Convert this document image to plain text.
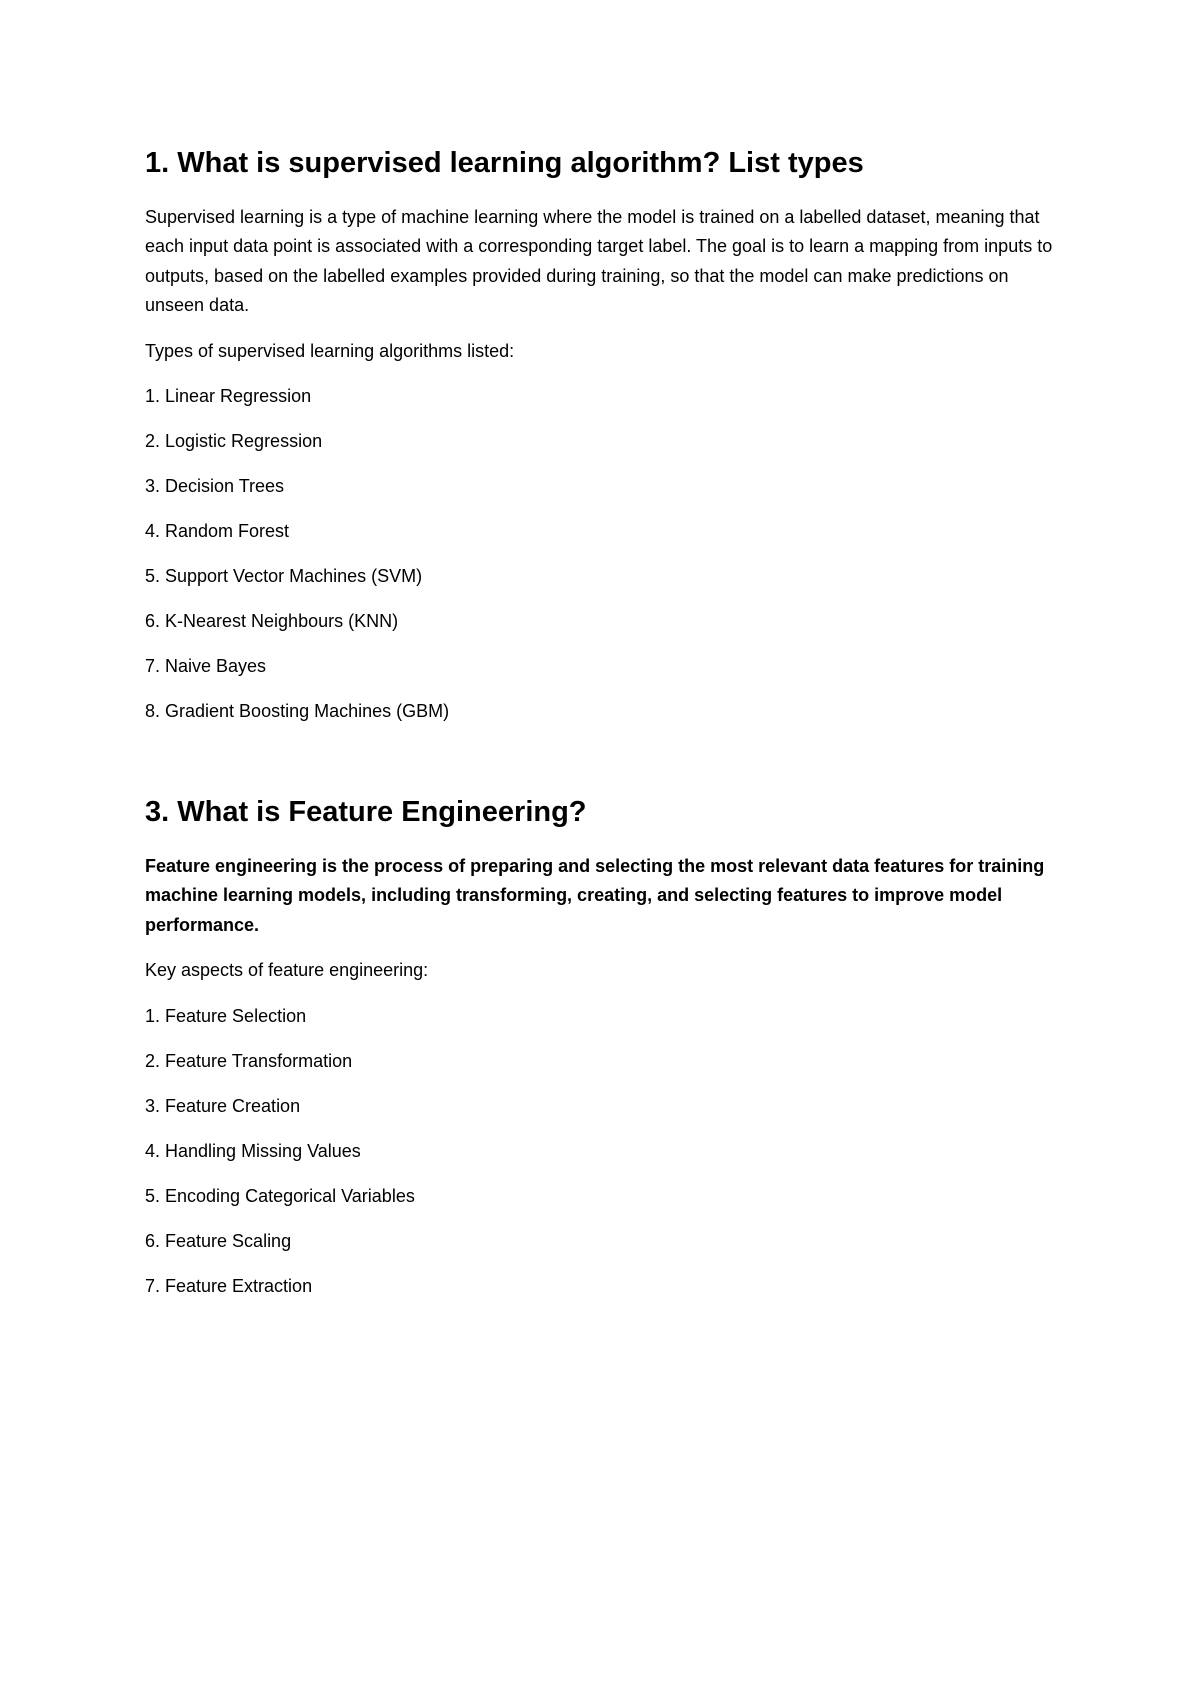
1. What is supervised learning algorithm? List types

Supervised learning is a type of machine learning where the model is trained on a labelled dataset, meaning that each input data point is associated with a corresponding target label. The goal is to learn a mapping from inputs to outputs, based on the labelled examples provided during training, so that the model can make predictions on unseen data.

Types of supervised learning algorithms listed:

1. Linear Regression
2. Logistic Regression
3. Decision Trees
4. Random Forest
5. Support Vector Machines (SVM)
6. K-Nearest Neighbours (KNN)
7. Naive Bayes
8. Gradient Boosting Machines (GBM)
3. What is Feature Engineering?

Feature engineering is the process of preparing and selecting the most relevant data features for training machine learning models, including transforming, creating, and selecting features to improve model performance.

Key aspects of feature engineering:

1. Feature Selection
2. Feature Transformation
3. Feature Creation
4. Handling Missing Values
5. Encoding Categorical Variables
6. Feature Scaling
7. Feature Extraction
